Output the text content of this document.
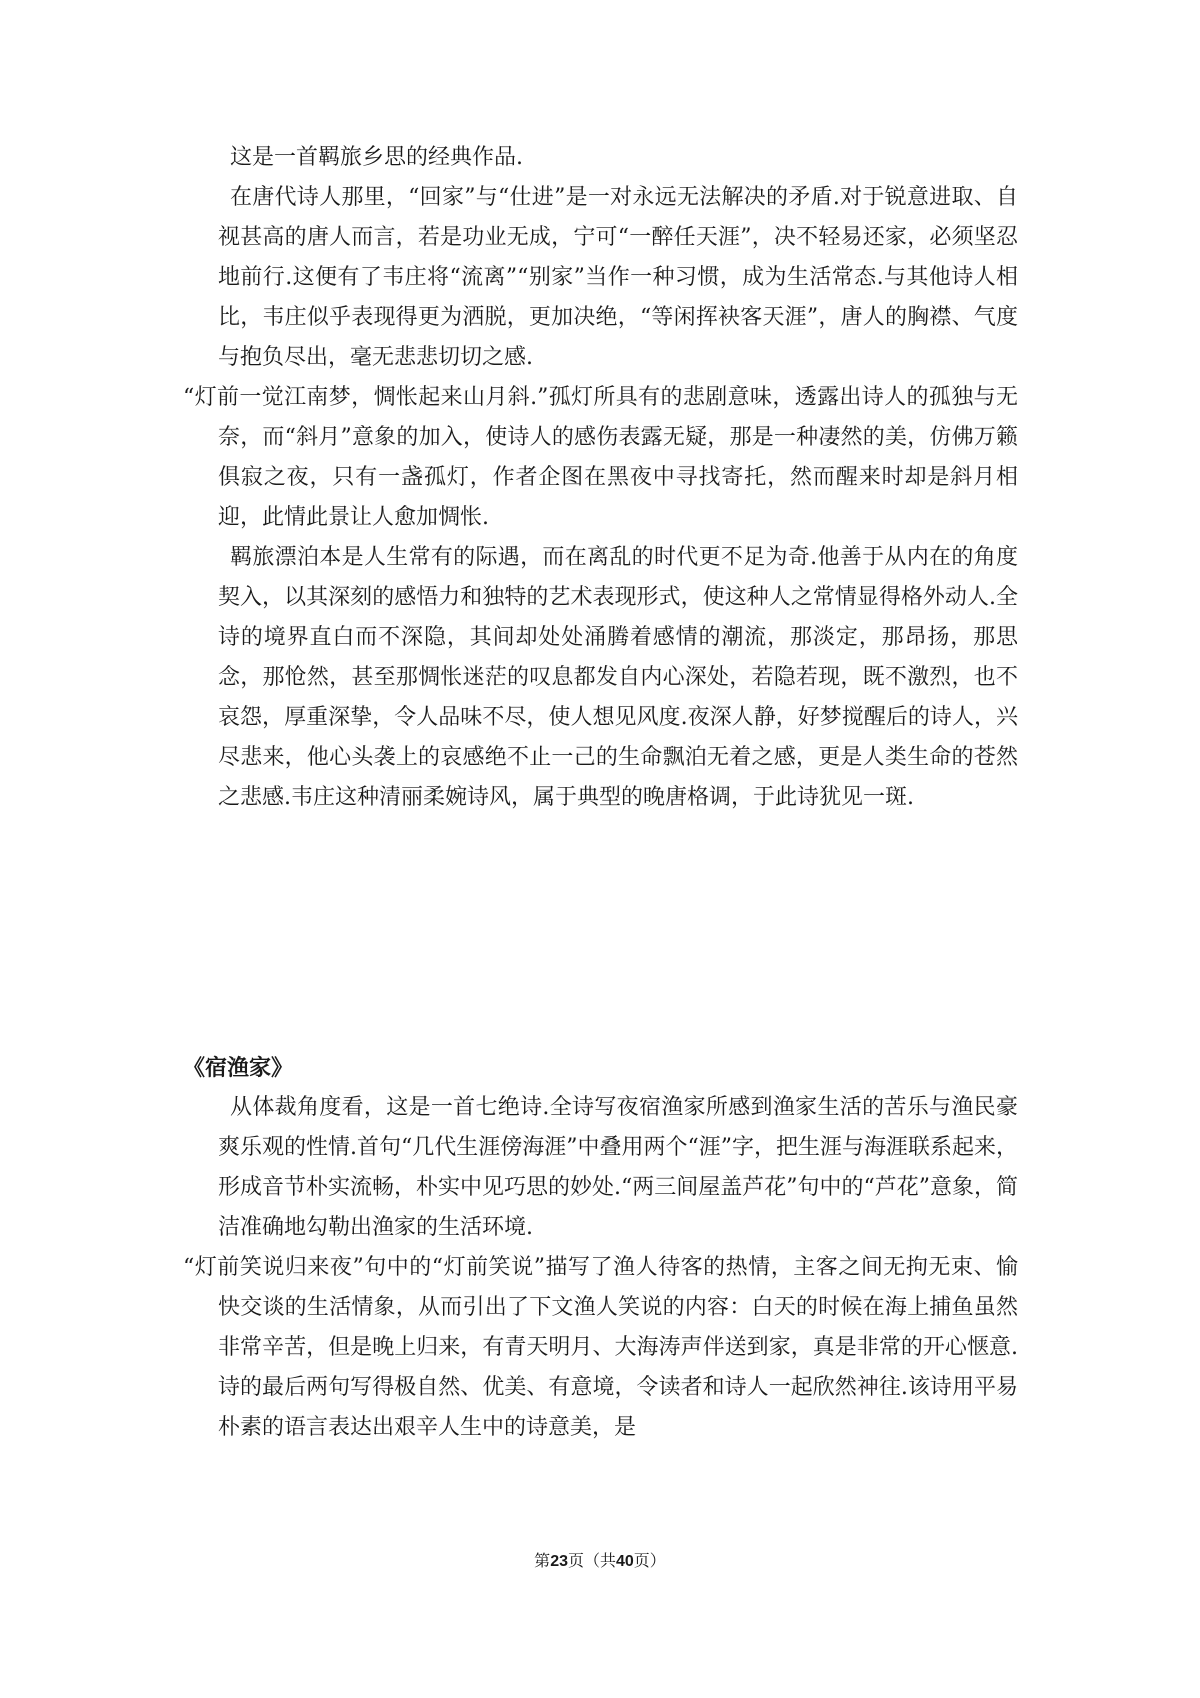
这是一首羁旅乡思的经典作品.

在唐代诗人那里，“回家”与“仕进”是一对永远无法解决的矛盾.对于锐意进取、自视甚高的唐人而言，若是功业无成，宁可“一醉任天涯”，决不轻易还家，必须坚忍地前行.这便有了韦庄将“流离”“别家”当作一种习惯，成为生活常态.与其他诗人相比，韦庄似乎表现得更为洒脱，更加决绝，“等闲挥袂客天涯”，唐人的胸襟、气度与抱负尽出，毫无悲悲切切之感.

“灯前一觉江南梦，惆怅起来山月斜.”孤灯所具有的悲剧意味，透露出诗人的孤独与无奈，而“斜月”意象的加入，使诗人的感伤表露无疑，那是一种凄然的美，仿佛万籁俱寂之夜，只有一盏孤灯，作者企图在黑夜中寻找寄托，然而醒来时却是斜月相迎，此情此景让人愈加惆怅.

羁旅漂泊本是人生常有的际遇，而在离乱的时代更不足为奇.他善于从内在的角度契入，以其深刻的感悟力和独特的艺术表现形式，使这种人之常情显得格外动人.全诗的境界直白而不深隐，其间却处处涌腾着感情的潮流，那淡定，那昂扬，那思念，那怆然，甚至那惆怅迷茫的叹息都发自内心深处，若隐若现，既不激烈，也不哀怨，厚重深挚，令人品味不尽，使人想见风度.夜深人静，好梦搅醒后的诗人，兴尽悲来，他心头袭上的哀感绝不止一己的生命飘泊无着之感，更是人类生命的苍然之悲感.韦庄这种清丽柔婉诗风，属于典型的晚唐格调，于此诗犹见一斑.

《宿渔家》

从体裁角度看，这是一首七绝诗.全诗写夜宿渔家所感到渔家生活的苦乐与渔民豪爽乐观的性情.首句“几代生涯傍海涯”中叠用两个“涯”字，把生涯与海涯联系起来，形成音节朴实流畅，朴实中见巧思的妙处.“两三间屋盖芦花”句中的“芦花”意象，简洁准确地勾勒出渔家的生活环境.

“灯前笑说归来夜”句中的“灯前笑说”描写了渔人待客的热情，主客之间无拘无束、愉快交谈的生活情象，从而引出了下文渔人笑说的内容：白天的时候在海上捕鱼虽然非常辛苦，但是晚上归来，有青天明月、大海涛声伴送到家，真是非常的开心惬意.诗的最后两句写得极自然、优美、有意境，令读者和诗人一起欣然神往.该诗用平易朴素的语言表达出艰辛人生中的诗意美，是

第23页（共40页）
